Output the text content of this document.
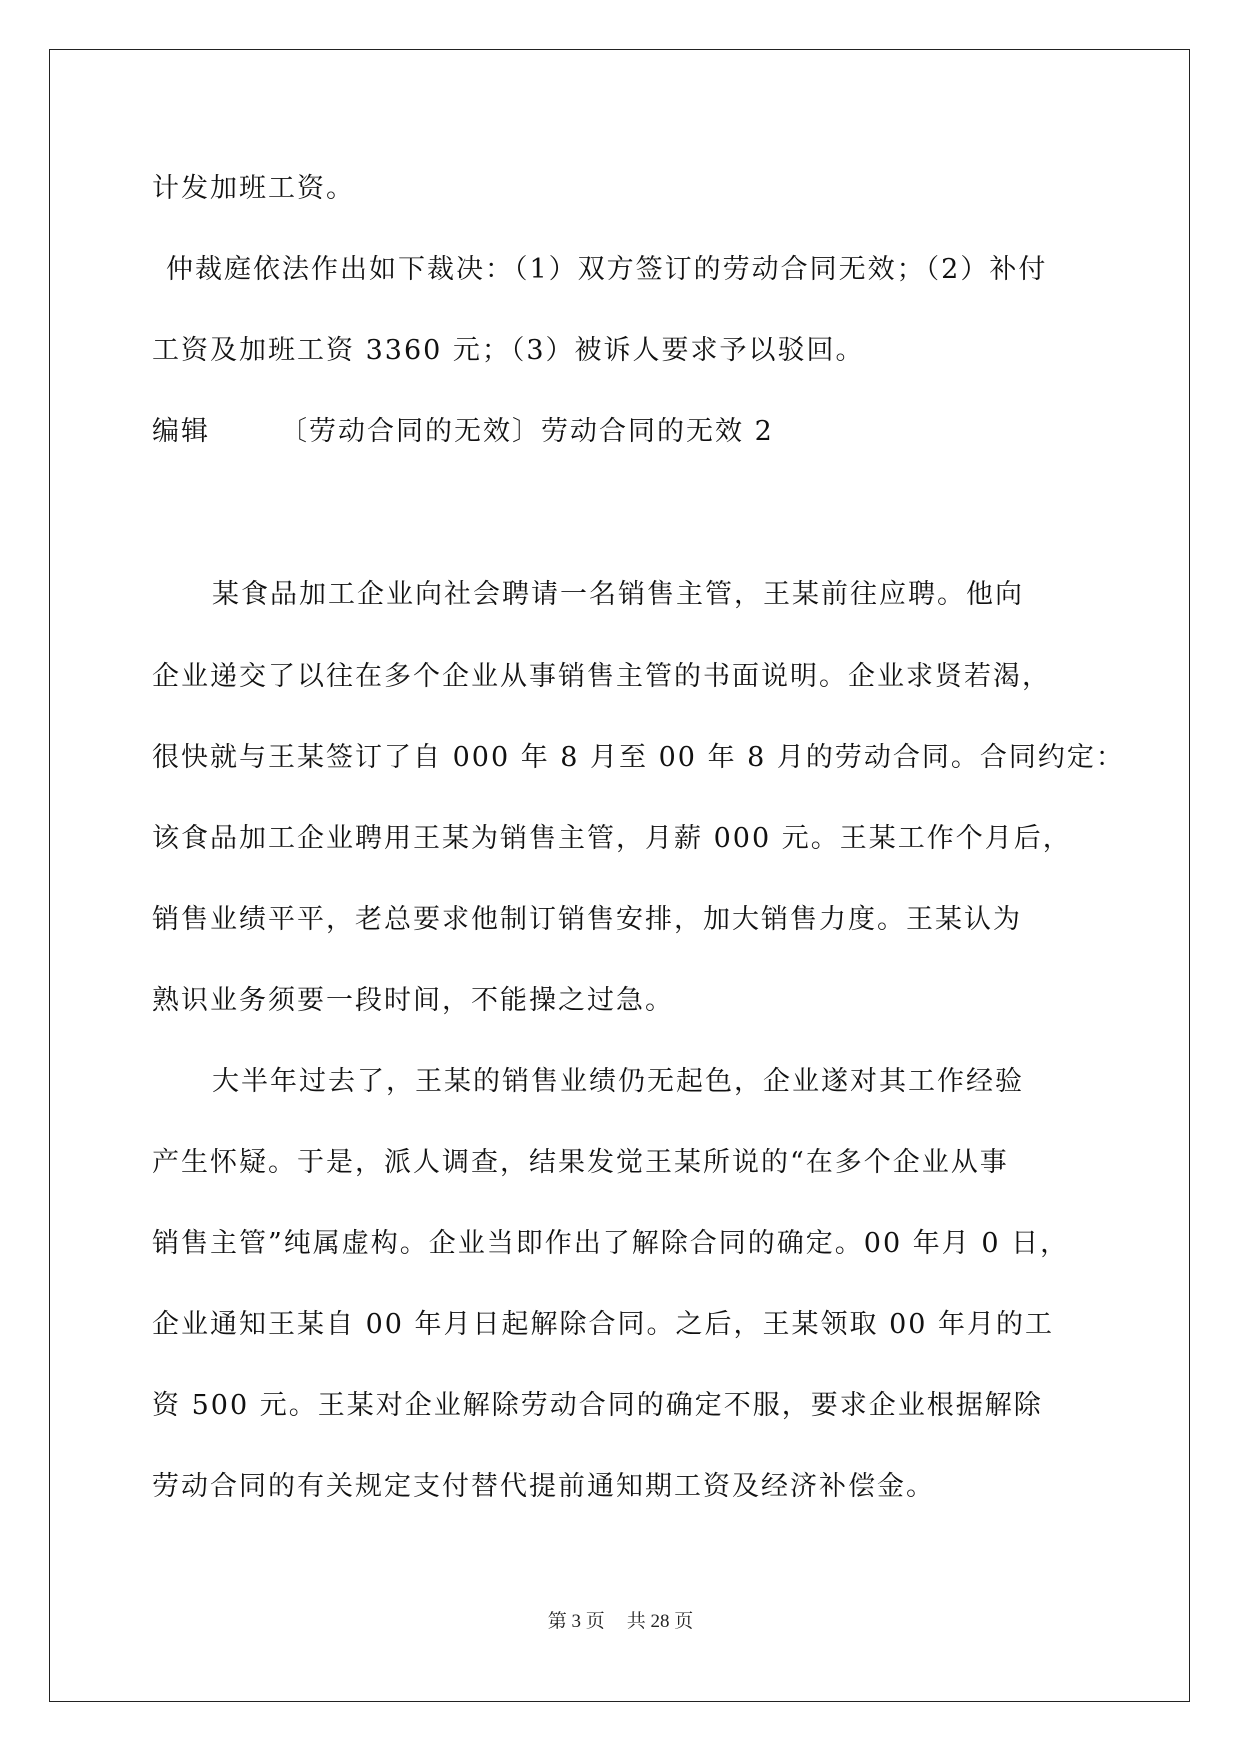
计发加班工资。
仲裁庭依法作出如下裁决：（1）双方签订的劳动合同无效；（2）补付
工资及加班工资 3360 元；（3）被诉人要求予以驳回。
编辑	〔劳动合同的无效〕劳动合同的无效 2
某食品加工企业向社会聘请一名销售主管，王某前往应聘。他向
企业递交了以往在多个企业从事销售主管的书面说明。企业求贤若渴，
很快就与王某签订了自 000 年 8 月至 00 年 8 月的劳动合同。合同约定：
该食品加工企业聘用王某为销售主管，月薪 000 元。王某工作个月后，
销售业绩平平，老总要求他制订销售安排，加大销售力度。王某认为
熟识业务须要一段时间，不能操之过急。
大半年过去了，王某的销售业绩仍无起色，企业遂对其工作经验
产生怀疑。于是，派人调查，结果发觉王某所说的“在多个企业从事
销售主管”纯属虚构。企业当即作出了解除合同的确定。00 年月 0 日，
企业通知王某自 00 年月日起解除合同。之后，王某领取 00 年月的工
资 500 元。王某对企业解除劳动合同的确定不服，要求企业根据解除
劳动合同的有关规定支付替代提前通知期工资及经济补偿金。
第 3 页 共 28 页
